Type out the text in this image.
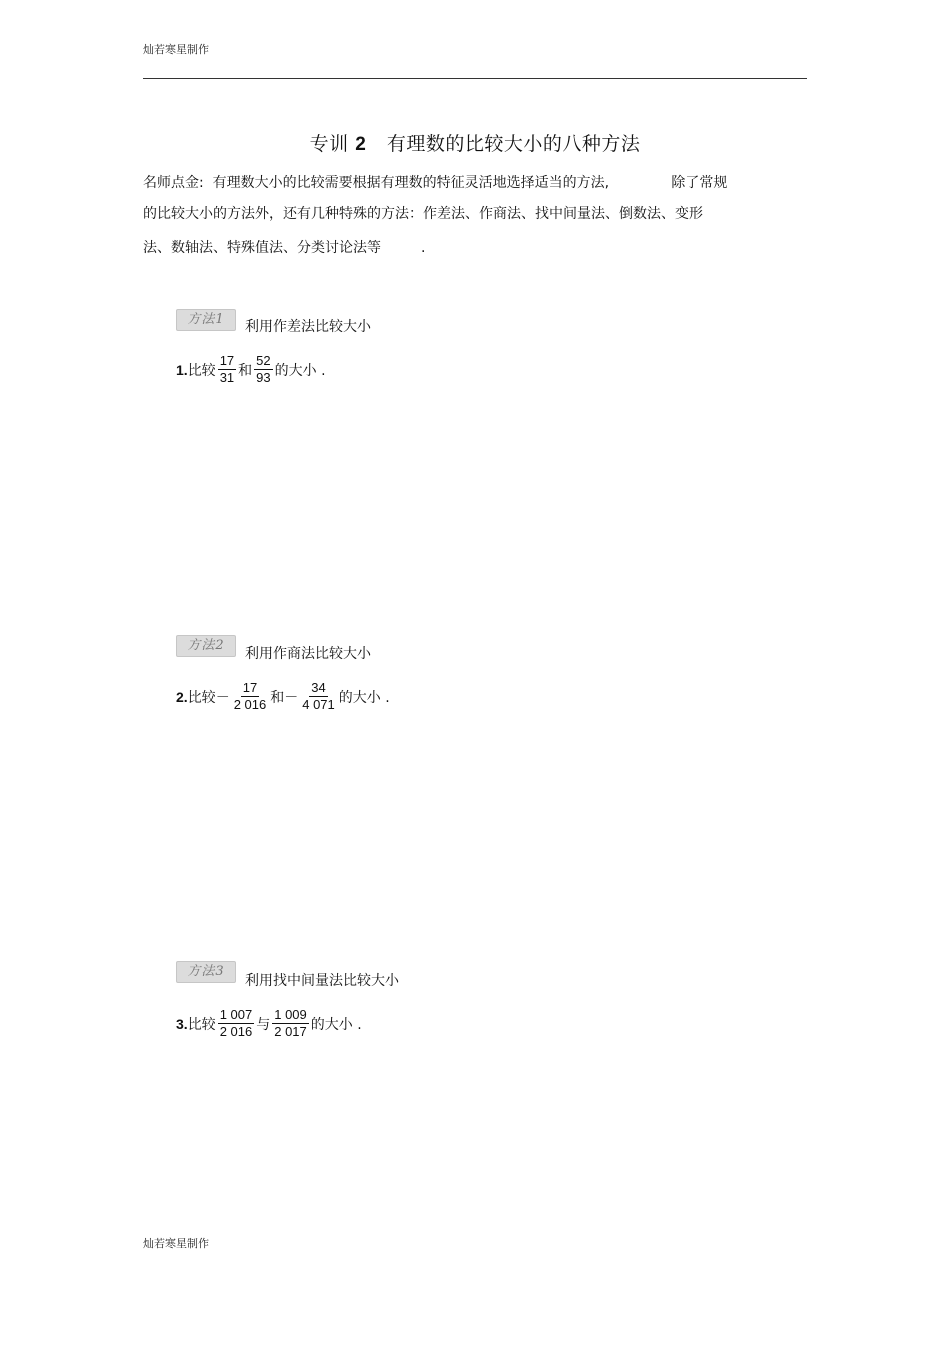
灿若寒星制作
专训 2 有理数的比较大小的八种方法
名师点金:  有理数大小的比较需要根据有理数的特征灵活地选择适当的方法,              除了常规
的比较大小的方法外，还有几种特殊的方法：作差法、作商法、找中间量法、倒数法、变形
法、数轴法、特殊值法、分类讨论法等         .
方法1	利用作差法比较大小
1. 比较 $\frac{17}{31}$ 和 $\frac{52}{93}$ 的大小 .
方法2
利用作商法比较大小
2. 比较 － $\frac{17}{2 016}$ 和 － $\frac{34}{4 071}$ 的大小 .
方法3
利用找中间量法比较大小
3. 比较 $\frac{1 007}{2 016}$ 与 $\frac{1 009}{2 017}$ 的大小 .
灿若寒星制作
